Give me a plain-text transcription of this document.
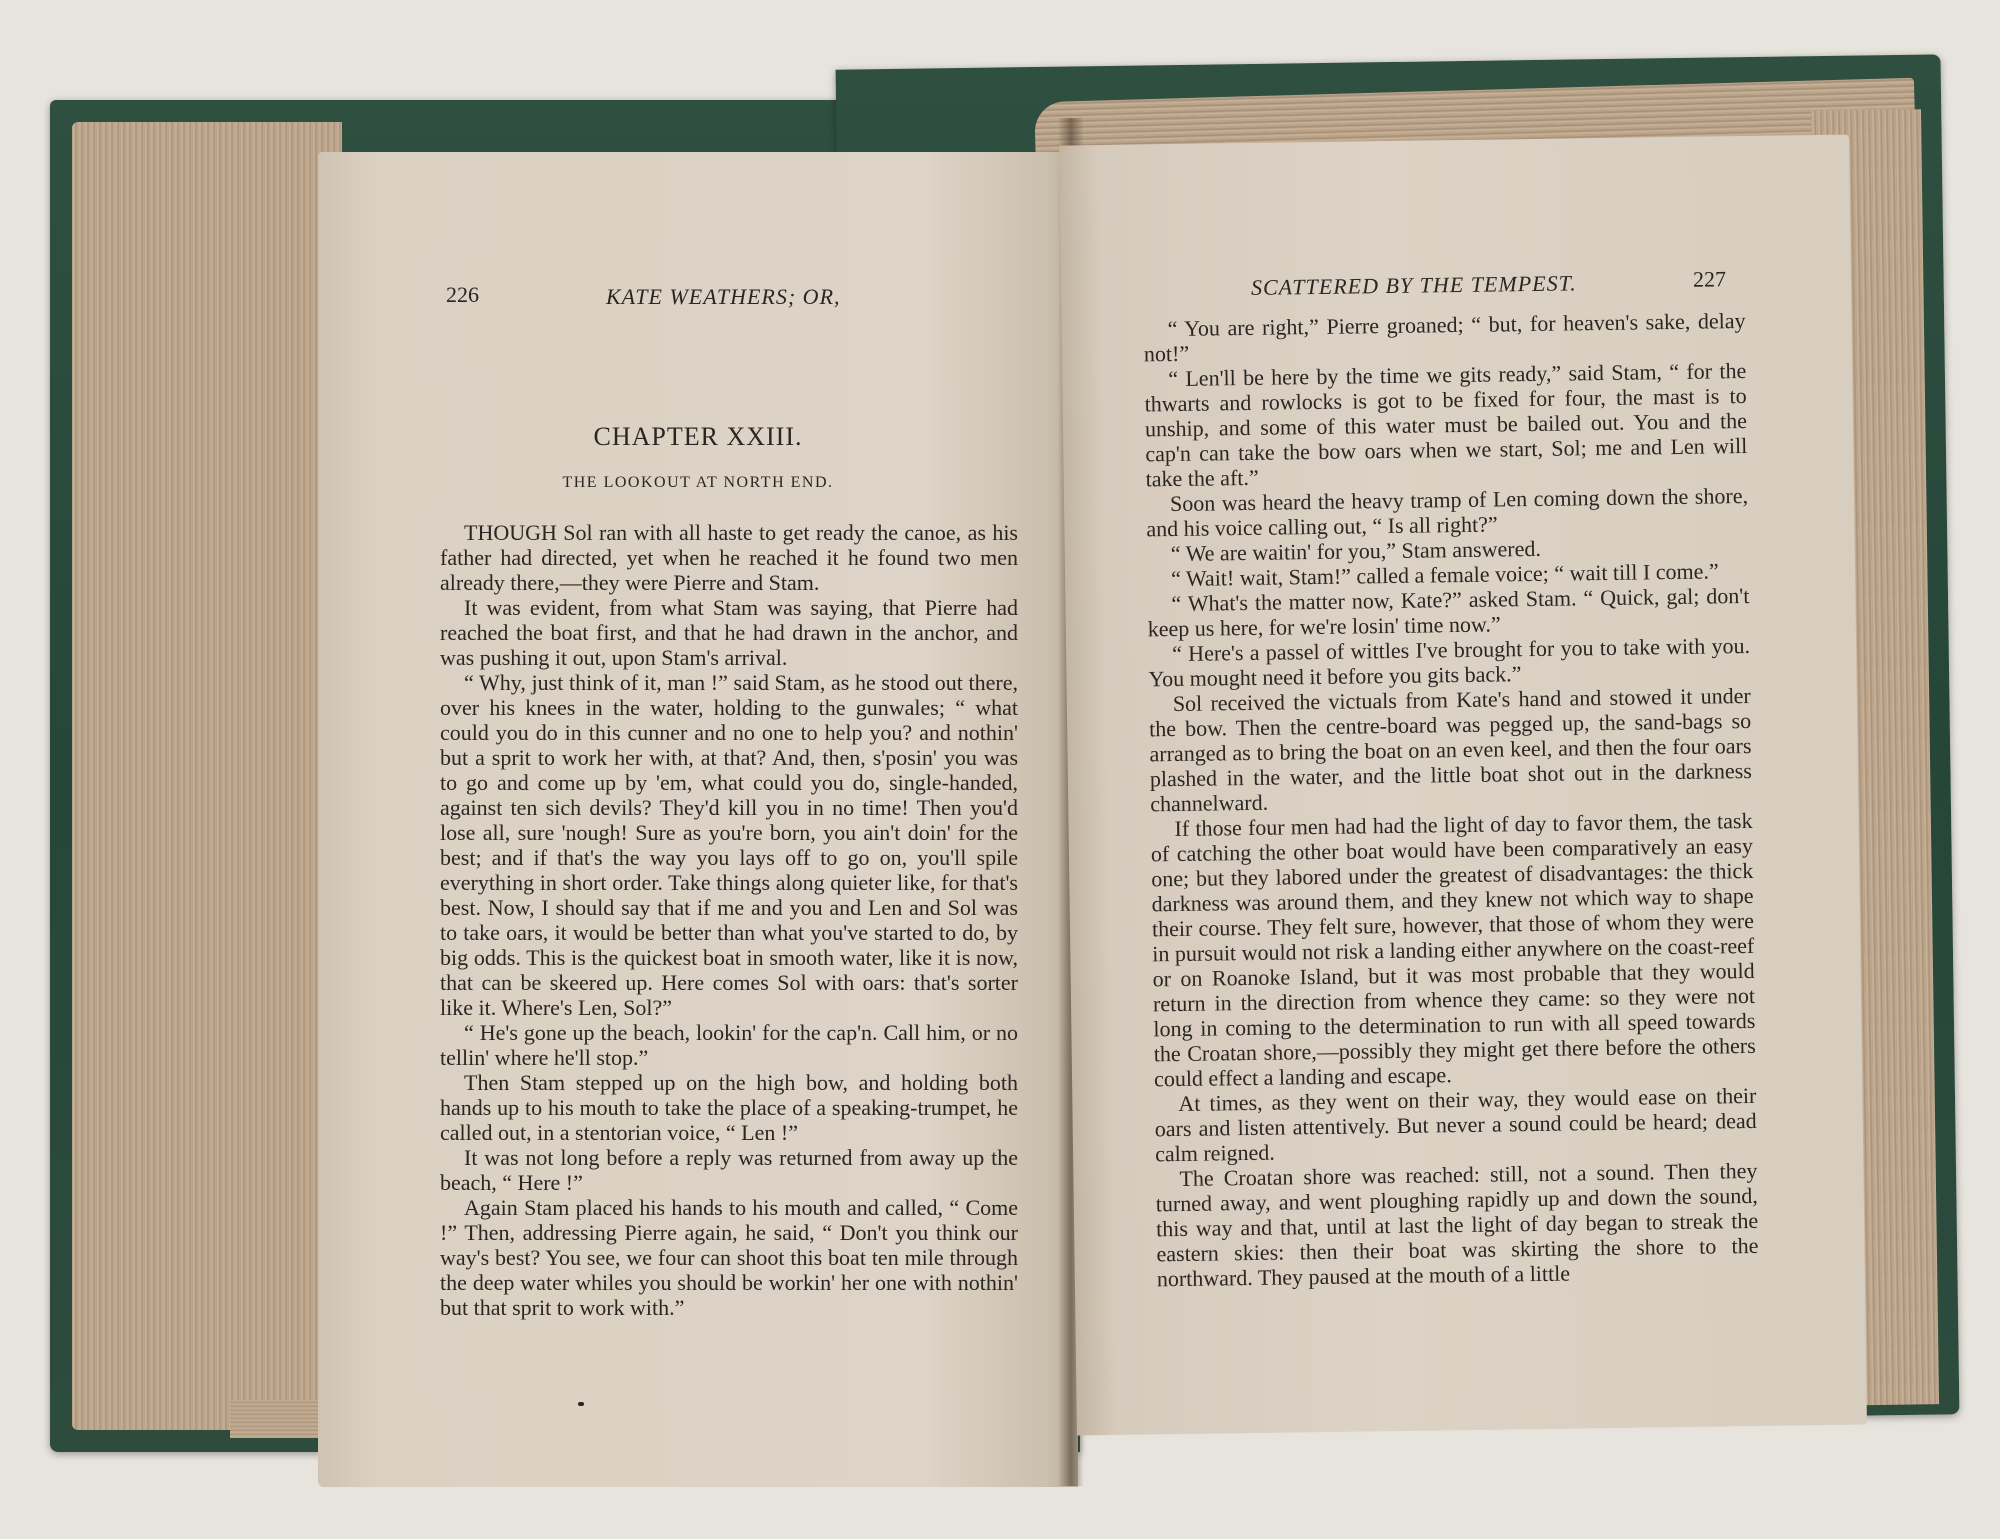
226	KATE WEATHERS; OR,
CHAPTER XXIII.
THE LOOKOUT AT NORTH END.

THOUGH Sol ran with all haste to get ready the canoe, as his father had directed, yet when he reached it he found two men already there,—they were Pierre and Stam.

It was evident, from what Stam was saying, that Pierre had reached the boat first, and that he had drawn in the anchor, and was pushing it out, upon Stam's arrival.

“ Why, just think of it, man !” said Stam, as he stood out there, over his knees in the water, holding to the gunwales; “ what could you do in this cunner and no one to help you? and nothin' but a sprit to work her with, at that? And, then, s'posin' you was to go and come up by 'em, what could you do, single-handed, against ten sich devils? They'd kill you in no time! Then you'd lose all, sure 'nough! Sure as you're born, you ain't doin' for the best; and if that's the way you lays off to go on, you'll spile everything in short order. Take things along quieter like, for that's best. Now, I should say that if me and you and Len and Sol was to take oars, it would be better than what you've started to do, by big odds. This is the quickest boat in smooth water, like it is now, that can be skeered up. Here comes Sol with oars: that's sorter like it. Where's Len, Sol?”

“ He's gone up the beach, lookin' for the cap'n. Call him, or no tellin' where he'll stop.”

Then Stam stepped up on the high bow, and holding both hands up to his mouth to take the place of a speaking-trumpet, he called out, in a stentorian voice, “ Len !”

It was not long before a reply was returned from away up the beach, “ Here !”

Again Stam placed his hands to his mouth and called, “ Come !” Then, addressing Pierre again, he said, “ Don't you think our way's best? You see, we four can shoot this boat ten mile through the deep water whiles you should be workin' her one with nothin' but that sprit to work with.”

SCATTERED BY THE TEMPEST.	227

“ You are right,” Pierre groaned; “ but, for heaven's sake, delay not!”

“ Len'll be here by the time we gits ready,” said Stam, “ for the thwarts and rowlocks is got to be fixed for four, the mast is to unship, and some of this water must be bailed out. You and the cap'n can take the bow oars when we start, Sol; me and Len will take the aft.”

Soon was heard the heavy tramp of Len coming down the shore, and his voice calling out, “ Is all right?”

“ We are waitin' for you,” Stam answered.

“ Wait! wait, Stam!” called a female voice; “ wait till I come.”

“ What's the matter now, Kate?” asked Stam. “ Quick, gal; don't keep us here, for we're losin' time now.”

“ Here's a passel of wittles I've brought for you to take with you. You mought need it before you gits back.”

Sol received the victuals from Kate's hand and stowed it under the bow. Then the centre-board was pegged up, the sand-bags so arranged as to bring the boat on an even keel, and then the four oars plashed in the water, and the little boat shot out in the darkness channelward.

If those four men had had the light of day to favor them, the task of catching the other boat would have been comparatively an easy one; but they labored under the greatest of disadvantages: the thick darkness was around them, and they knew not which way to shape their course. They felt sure, however, that those of whom they were in pursuit would not risk a landing either anywhere on the coast-reef or on Roanoke Island, but it was most probable that they would return in the direction from whence they came: so they were not long in coming to the determination to run with all speed towards the Croatan shore,—possibly they might get there before the others could effect a landing and escape.

At times, as they went on their way, they would ease on their oars and listen attentively. But never a sound could be heard; dead calm reigned.

The Croatan shore was reached: still, not a sound. Then they turned away, and went ploughing rapidly up and down the sound, this way and that, until at last the light of day began to streak the eastern skies: then their boat was skirting the shore to the northward. They paused at the mouth of a little
